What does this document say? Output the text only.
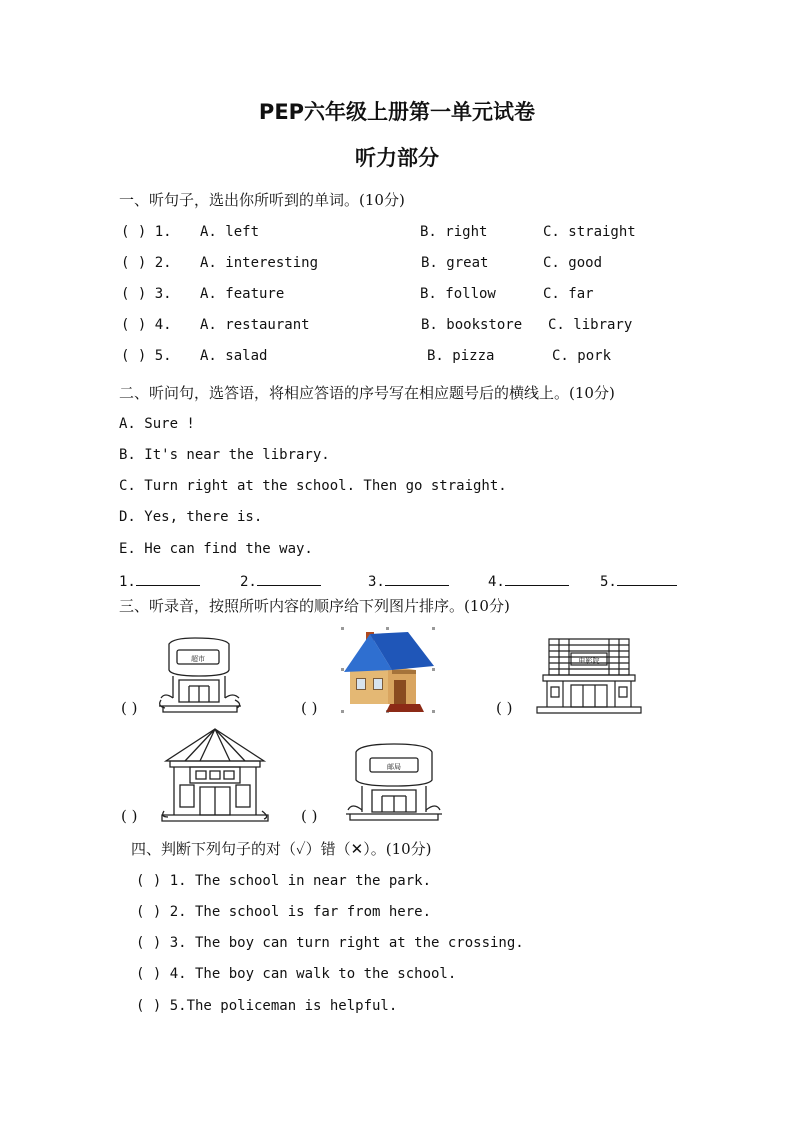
PEP六年级上册第一单元试卷
听力部分
一、听句子，选出你所听到的单词。(10分)
( ) 1. A. left	B. right	C. straight
( ) 2. A. interesting	B. great	C. good
( ) 3. A. feature	B. follow	C. far
( ) 4. A. restaurant	B. bookstore C. library
( ) 5. A. salad	B. pizza	C. pork
二、听问句，选答语，将相应答语的序号写在相应题号后的横线上。(10分)
A. Sure !
B. It's near the library.
C. Turn right at the school. Then go straight.
D. Yes, there is.
E. He can find the way.
1.	2.	3.	4.	5.
三、听录音，按照所听内容的顺序给下列图片排序。(10分)
超市
( )	( )
电影院
( )
( )
邮局
( )
四、判断下列句子的对（✓）错（✕）。(10分)
( ) 1. The school in near the park.
( ) 2. The school is far from here.
( ) 3. The boy can turn right at the crossing.
( ) 4. The boy can walk to the school.
( ) 5.The policeman is helpful.
